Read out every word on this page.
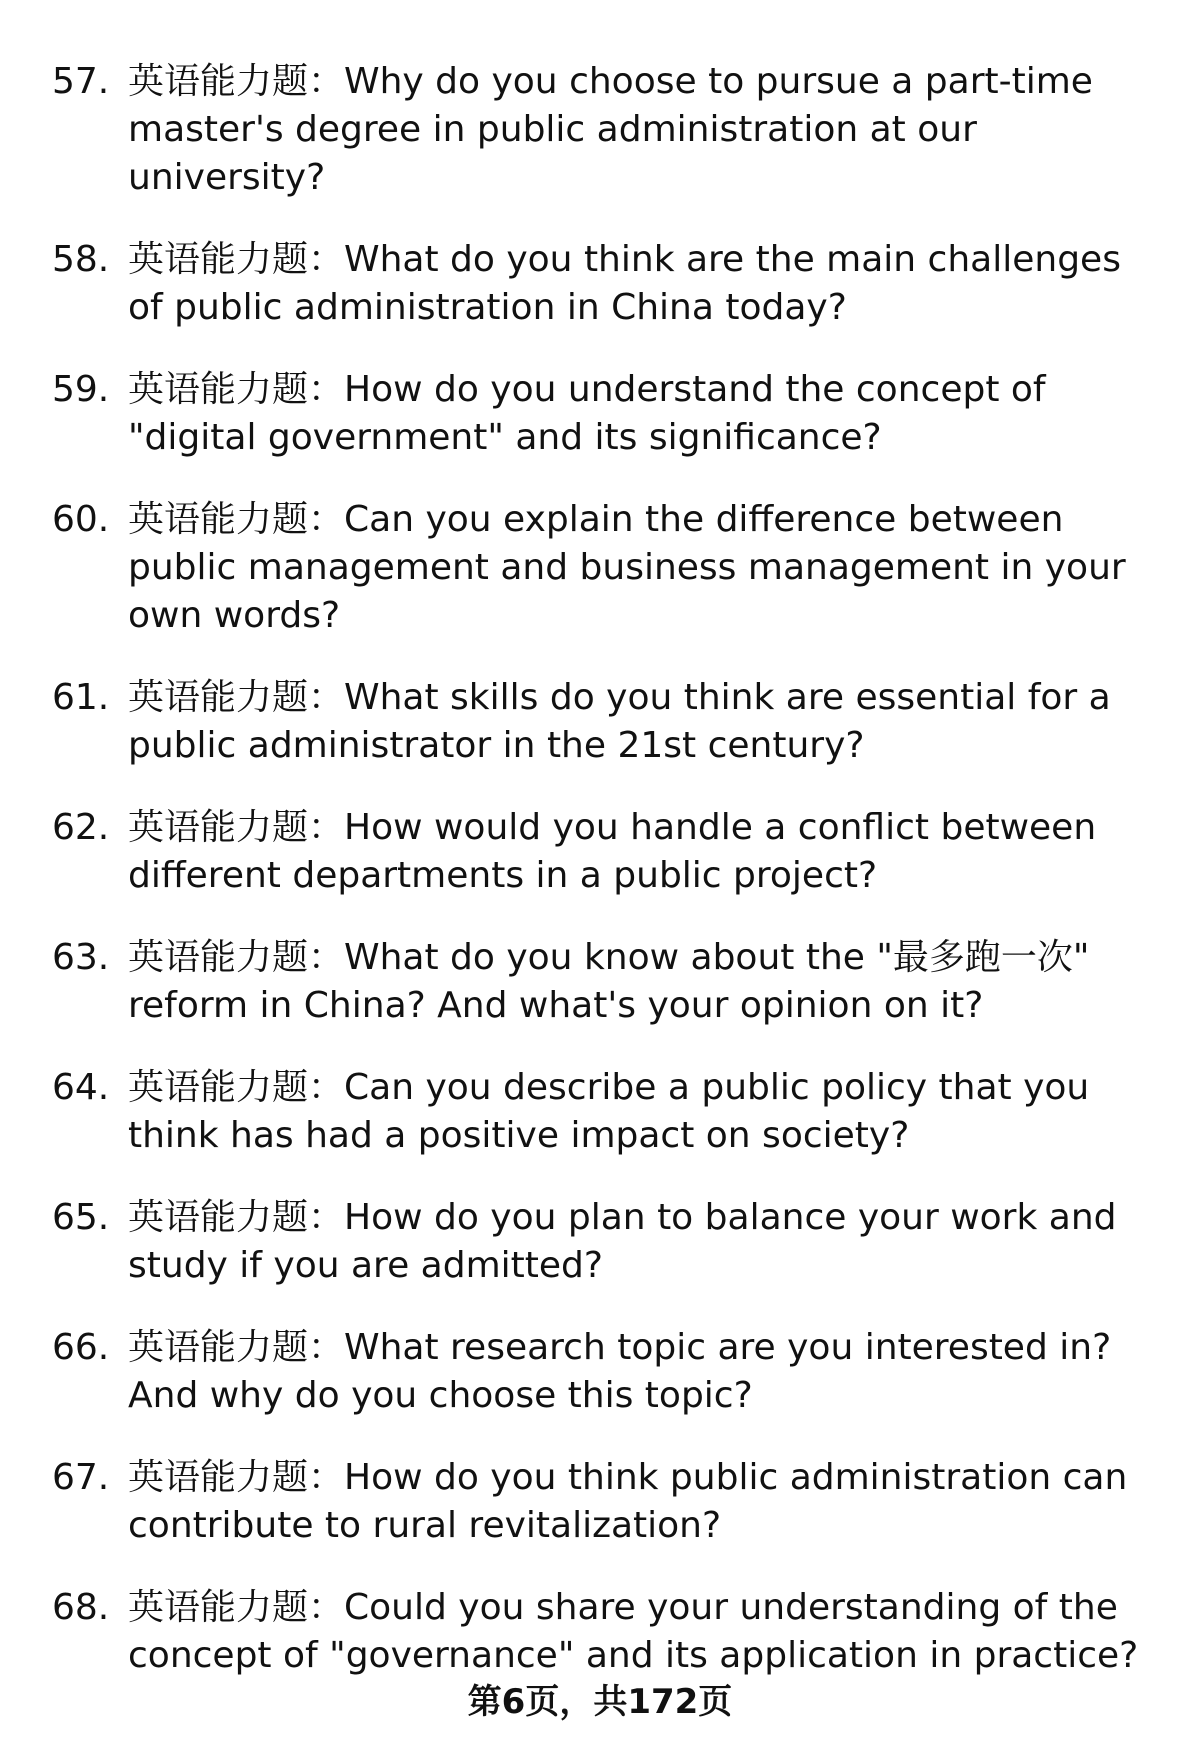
57. 英语能力题：Why do you choose to pursue a part-time master's degree in public administration at our university?
58. 英语能力题：What do you think are the main challenges of public administration in China today?
59. 英语能力题：How do you understand the concept of "digital government" and its significance?
60. 英语能力题：Can you explain the difference between public management and business management in your own words?
61. 英语能力题：What skills do you think are essential for a public administrator in the 21st century?
62. 英语能力题：How would you handle a conflict between different departments in a public project?
63. 英语能力题：What do you know about the "最多跑一次" reform in China? And what's your opinion on it?
64. 英语能力题：Can you describe a public policy that you think has had a positive impact on society?
65. 英语能力题：How do you plan to balance your work and study if you are admitted?
66. 英语能力题：What research topic are you interested in? And why do you choose this topic?
67. 英语能力题：How do you think public administration can contribute to rural revitalization?
68. 英语能力题：Could you share your understanding of the concept of "governance" and its application in practice?
第6页，共172页
